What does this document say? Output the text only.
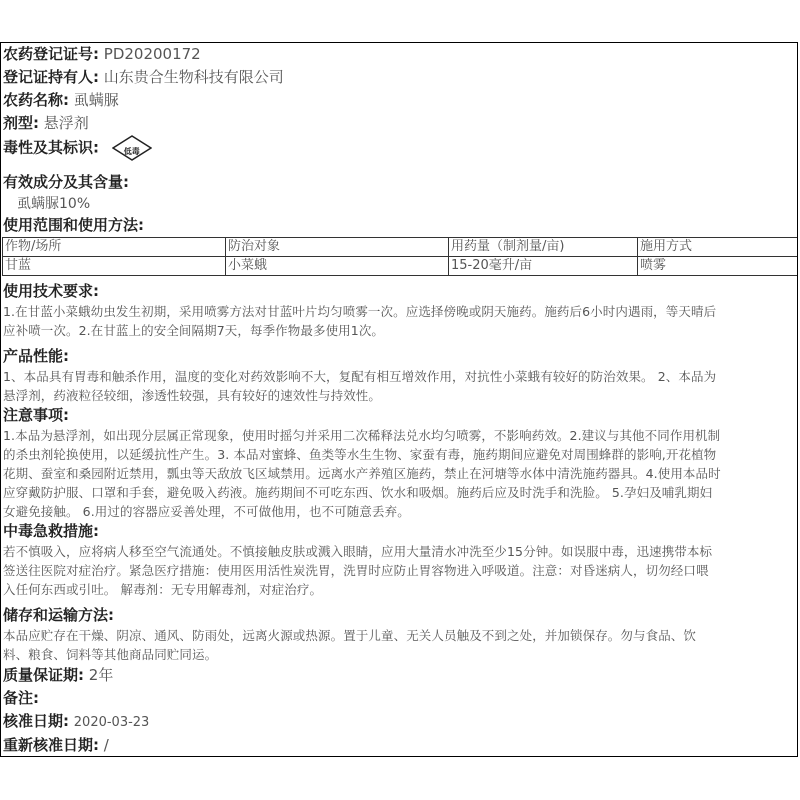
农药登记证号: PD20200172
登记证持有人: 山东贵合生物科技有限公司
农药名称: 虱螨脲
剂型: 悬浮剂
毒性及其标识:	低毒
有效成分及其含量:
虱螨脲10%
使用范围和使用方法:
作物/场所	防治对象	用药量（制剂量/亩)	施用方式
甘蓝	小菜蛾	15-20毫升/亩	喷雾
使用技术要求:
1.在甘蓝小菜蛾幼虫发生初期，采用喷雾方法对甘蓝叶片均匀喷雾一次。应选择傍晚或阴天施药。施药后6小时内遇雨，等天晴后
应补喷一次。2.在甘蓝上的安全间隔期7天，每季作物最多使用1次。
产品性能:
1、本品具有胃毒和触杀作用，温度的变化对药效影响不大，复配有相互增效作用，对抗性小菜蛾有较好的防治效果。 2、本品为
悬浮剂，药液粒径较细，渗透性较强，具有较好的速效性与持效性。
注意事项:
1.本品为悬浮剂，如出现分层属正常现象，使用时摇匀并采用二次稀释法兑水均匀喷雾，不影响药效。2.建议与其他不同作用机制
的杀虫剂轮换使用，以延缓抗性产生。3. 本品对蜜蜂、鱼类等水生生物、家蚕有毒，施药期间应避免对周围蜂群的影响,开花植物
花期、蚕室和桑园附近禁用，瓢虫等天敌放飞区域禁用。远离水产养殖区施药，禁止在河塘等水体中清洗施药器具。4.使用本品时
应穿戴防护服、口罩和手套，避免吸入药液。施药期间不可吃东西、饮水和吸烟。施药后应及时洗手和洗脸。 5.孕妇及哺乳期妇
女避免接触。 6.用过的容器应妥善处理，不可做他用，也不可随意丢弃。
中毒急救措施:
若不慎吸入，应将病人移至空气流通处。不慎接触皮肤或溅入眼睛，应用大量清水冲洗至少15分钟。如误服中毒，迅速携带本标
签送往医院对症治疗。紧急医疗措施：使用医用活性炭洗胃，洗胃时应防止胃容物进入呼吸道。注意：对昏迷病人，切勿经口喂
入任何东西或引吐。 解毒剂：无专用解毒剂，对症治疗。
储存和运输方法:
本品应贮存在干燥、阴凉、通风、防雨处，远离火源或热源。置于儿童、无关人员触及不到之处，并加锁保存。勿与食品、饮
料、粮食、饲料等其他商品同贮同运。
质量保证期: 2年
备注:
核准日期: 2020-03-23
重新核准日期: /
